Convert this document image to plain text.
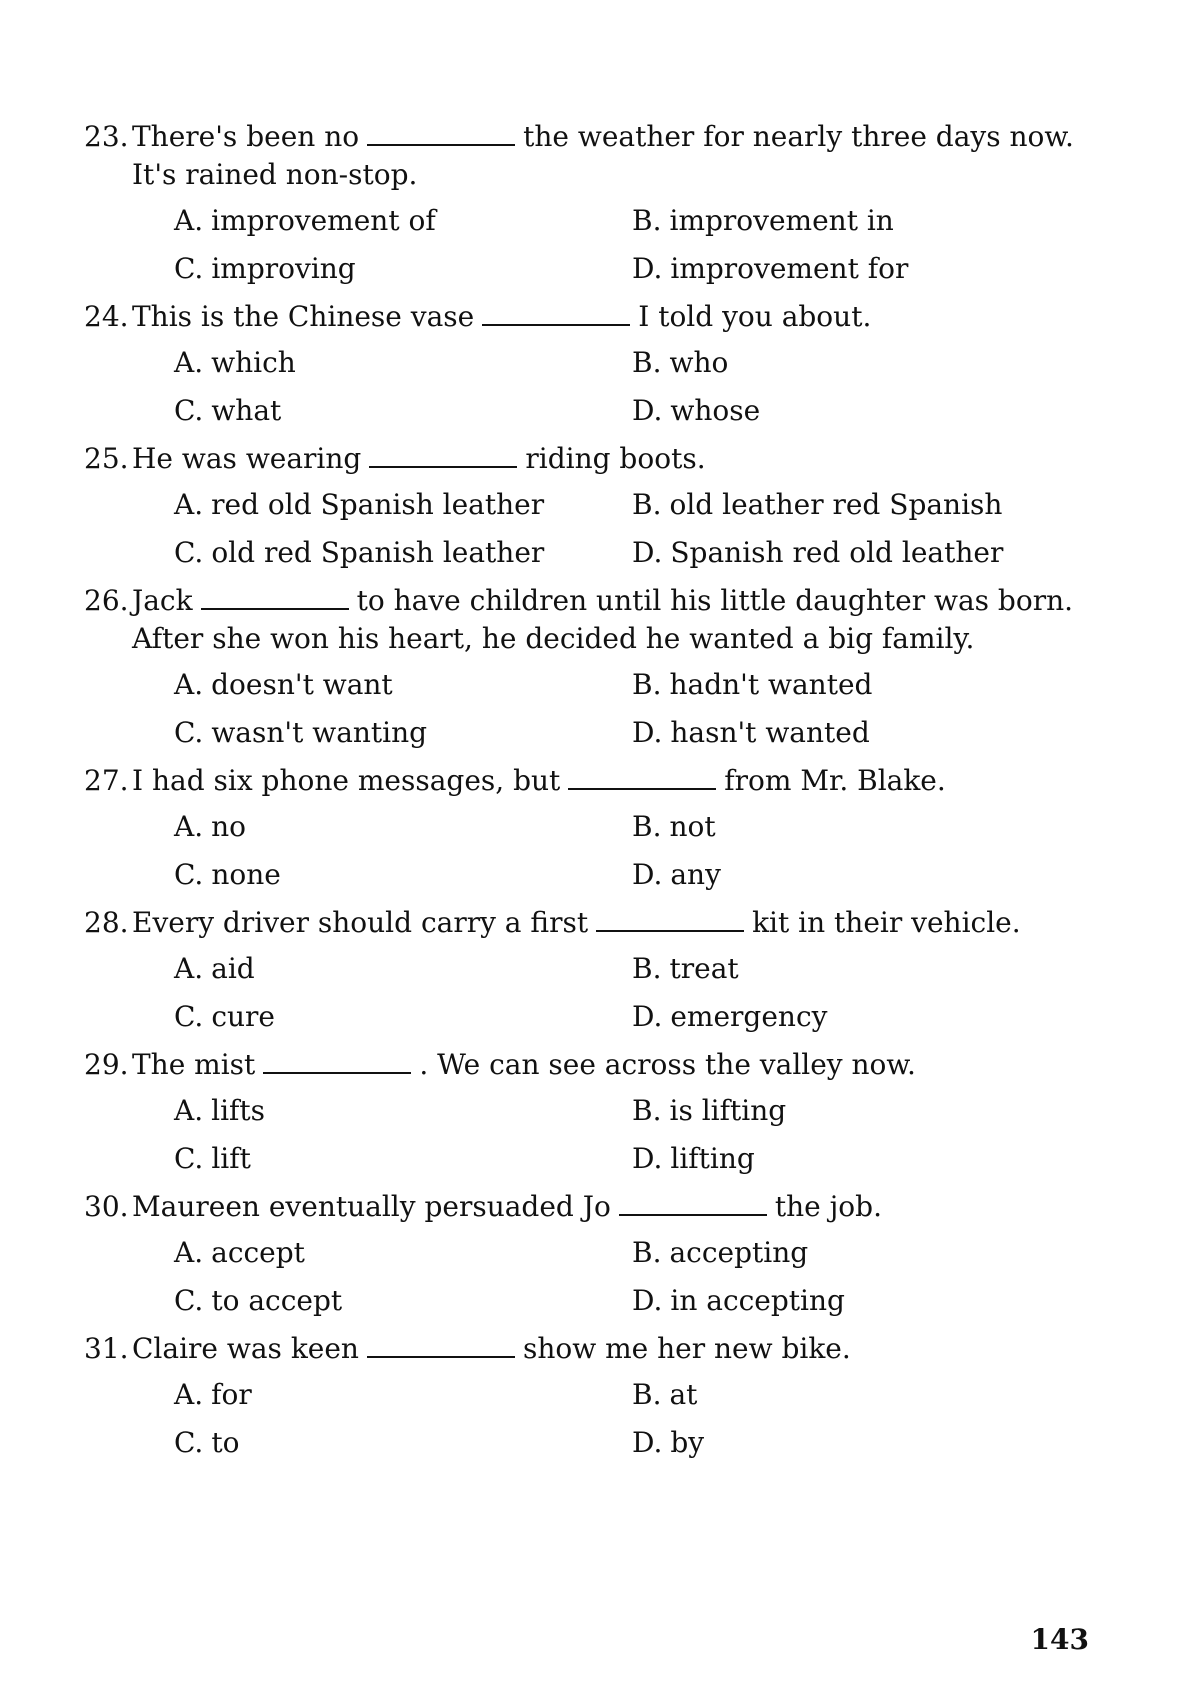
23. There's been no	the weather for nearly three days now.
It's rained non-stop.
A. improvement of	B. improvement in
C. improving	D. improvement for
24. This is the Chinese vase	I told you about.
A. which	B. who
C. what	D. whose
25. He was wearing	riding boots.
A. red old Spanish leather	B. old leather red Spanish
C. old red Spanish leather	D. Spanish red old leather
26. Jack	to have children until his little daughter was born.
After she won his heart, he decided he wanted a big family.
A. doesn't want	B. hadn't wanted
C. wasn't wanting	D. hasn't wanted
27. I had six phone messages, but	from Mr. Blake.
A. no	B. not
C. none	D. any
28. Every driver should carry a first	kit in their vehicle.
A. aid	B. treat
C. cure	D. emergency
29. The mist	. We can see across the valley now.
A. lifts	B. is lifting
C. lift	D. lifting
30. Maureen eventually persuaded Jo	the job.
A. accept	B. accepting
C. to accept	D. in accepting
31. Claire was keen	show me her new bike.
A. for	B. at
C. to	D. by
143
